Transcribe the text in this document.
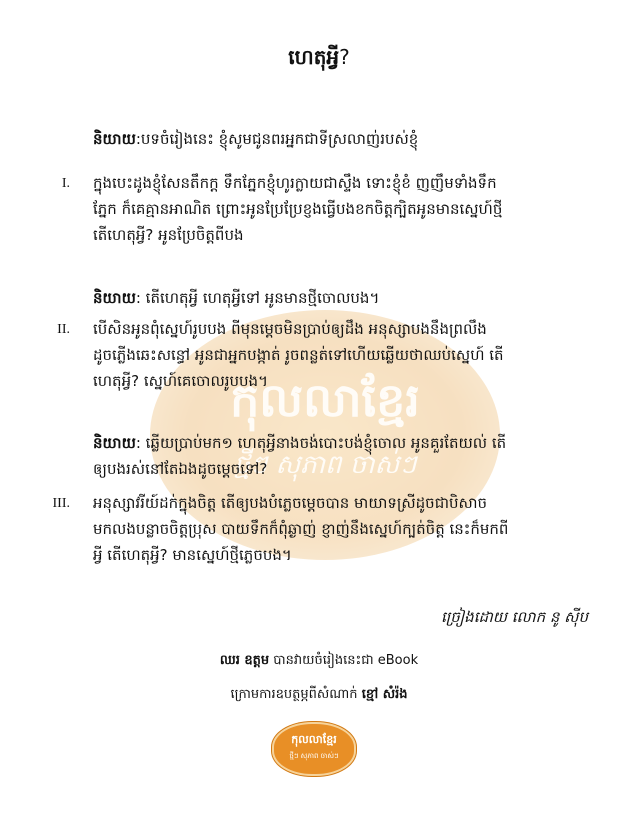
កុលលាខ្មែរ
ថ្មីៗ សុភាព ចាស់ៗ
ហេតុអ្វី?
និយាយ:បទចំរៀងនេះ ខ្ញុំសូមជូនពរអ្នកជាទីស្រលាញ់របស់ខ្ញុំ
I. ក្នុងបេះដូងខ្ញុំសែនតឹកក្ត ទឹកភ្នែកខ្ញុំហូរក្លាយជាស្ទឹង ទោះខ្ញុំខំ ញញឹមទាំងទឹក
ភ្នែក ក៏គេគ្មានអាណិត ព្រោះអូនប្រែប្រែខ្ញងធ្វើបងខកចិត្តក្បិតអូនមានស្នេហ៍ថ្មី
តើហេតុអ្វី? អូនប្រែចិត្តពីបង
និយាយ: តើហេតុអ្វី ហេតុអ្វីទៅ អូនមានថ្មីចោលបង។
II. បើសិនអូនពុំស្នេហ៍រូបបង ពីមុនម្តេចមិនប្រាប់ឲ្យដឹង អនុស្សាបងនឹងព្រលឹង
ដូចភ្លើងឆេះសន្ធៅ អូនជាអ្នកបង្កាត់ រូចពន្លត់ទៅហើយឆ្លើយថាឈប់ស្នេហ៍ តើ
ហេតុអ្វី? ស្នេហ៍គេចោលរូបបង។
និយាយ: ឆ្លើយប្រាប់មក១ ហេតុអ្វីនាងចង់បោះបង់ខ្ញុំចោល អូនគួរតែយល់ តើ
ឲ្យបងរស់នៅតែឯងដូចម្តេចទៅ?
III. អនុស្សាវរីយ៍ដក់ក្នុងចិត្ត តើឲ្យបងបំភ្លេចម្តេចបាន មាយាទស្រីដូចជាបិសាច
មកលងបន្លាចចិត្តប្រុស បាយទឹកក៏ពុំឆ្ងាញ់ ខ្ញាញ់នឹងស្នេហ៍ក្បត់ចិត្ត នេះក៏មកពី
អ្វី តើហេតុអ្វី? មានស្នេហ៍ថ្មីភ្លេចបង។
ច្រៀងដោយ លោក នូ ស៊ីប
ឈរ ឧត្តម បានវាយចំរៀងនេះជា eBook
ក្រោមការឧបត្ថម្ភពីសំណាក់ ខ្មៅ សំរ៉ង
កុលលាខ្មែរ
ថ្មីៗ សុភាព ចាស់ៗ
